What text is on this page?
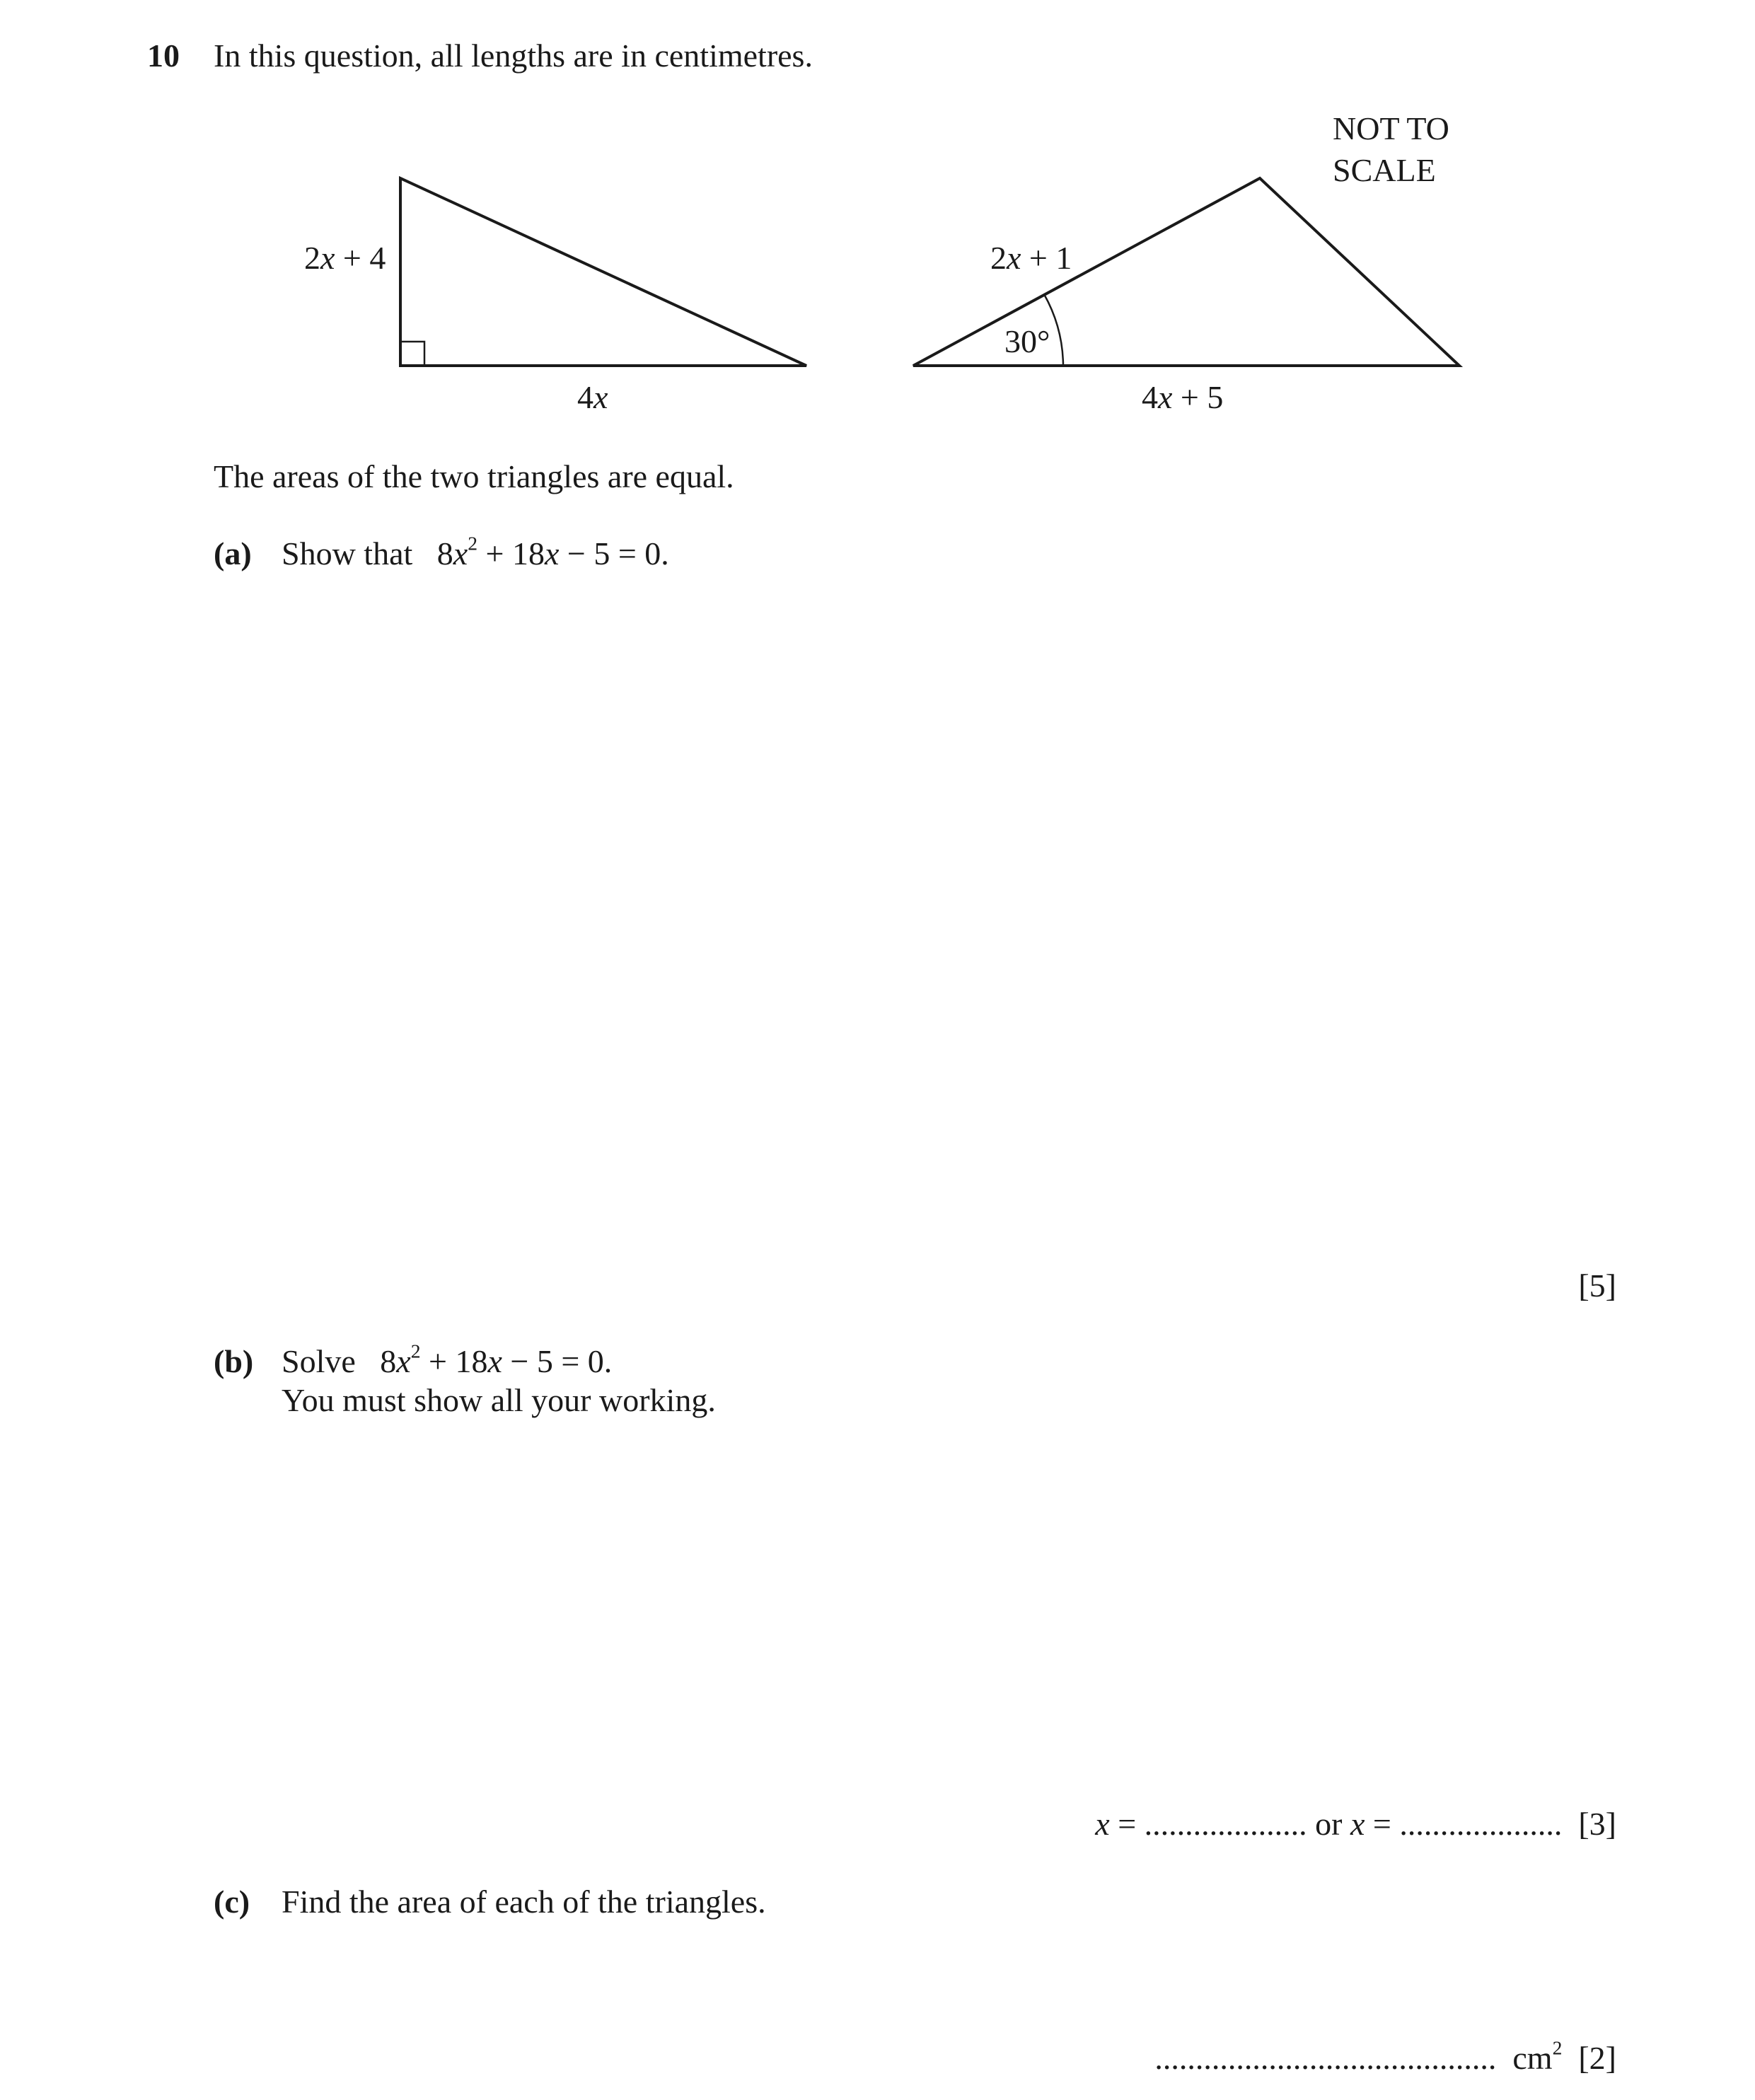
10 In this question, all lengths are in centimetres.
NOT TO
SCALE
2x + 4
4x
2x + 1
30°
4x + 5
The areas of the two triangles are equal.
(a) Show that $8x^2 + 18x - 5 = 0$.
[5]
(b) Solve $8x^2 + 18x - 5 = 0$.
You must show all your working.
x = .................... or x = .................... [3]
(c) Find the area of each of the triangles.
.......................................... $cm^2$ [2]
